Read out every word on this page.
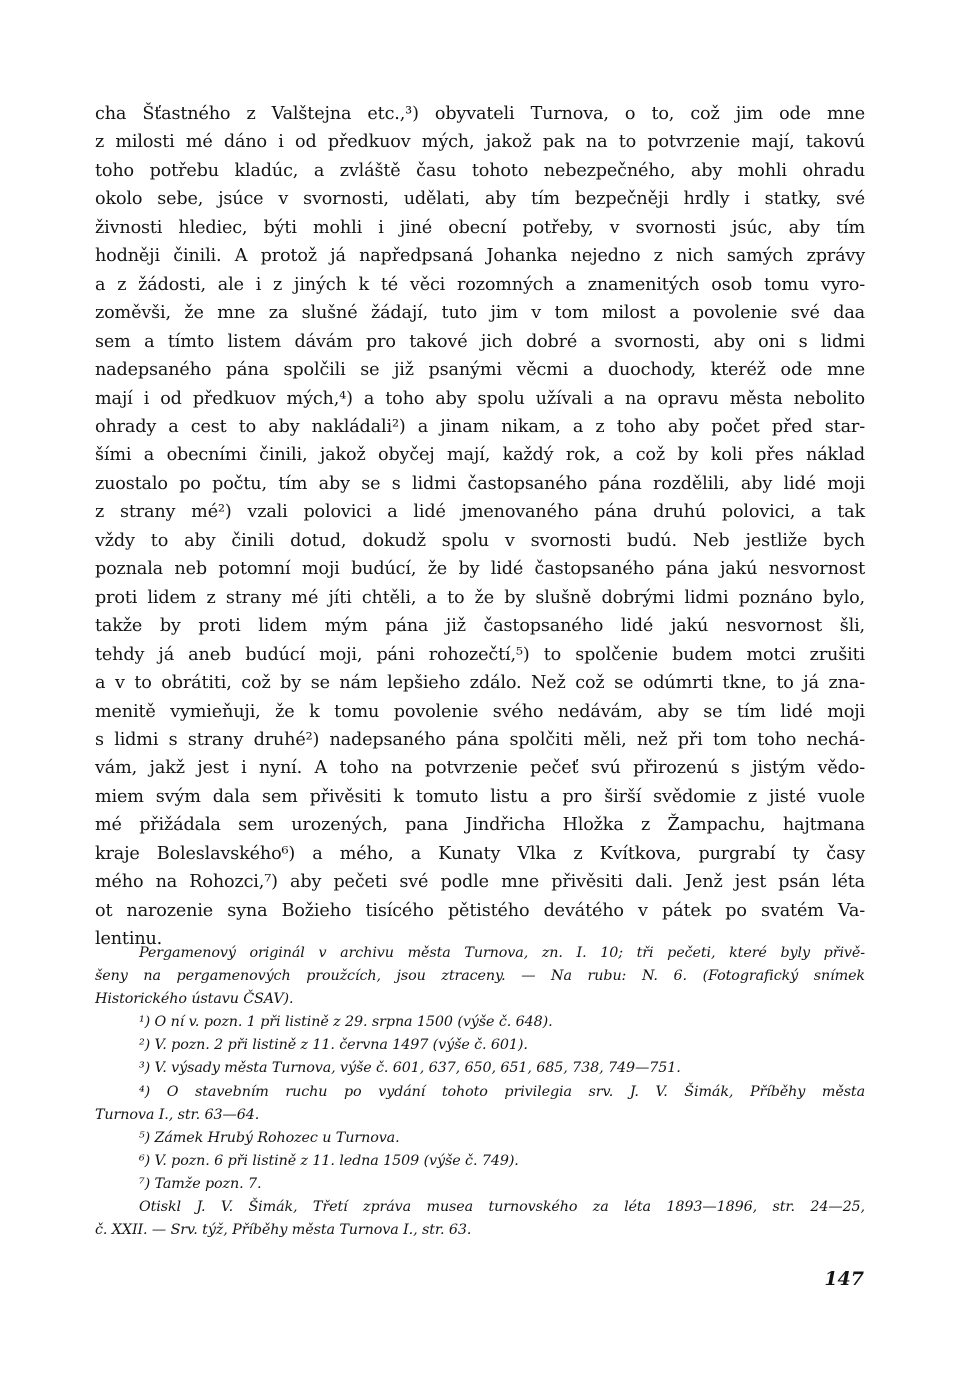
cha Šťastného z Valštejna etc.,³) obyvateli Turnova, o to, což jim ode mne
z milosti mé dáno i od předkuov mých, jakož pak na to potvrzenie mají, takovú
toho potřebu kladúc, a zvláště času tohoto nebezpečného, aby mohli ohradu
okolo sebe, jsúce v svornosti, udělati, aby tím bezpečněji hrdly i statky, své
živnosti hlediec, býti mohli i jiné obecní potřeby, v svornosti jsúc, aby tím
hodněji činili. A protož já napředpsaná Johanka nejedno z nich samých zprávy
a z žádosti, ale i z jiných k té věci rozomných a znamenitých osob tomu vyro-
zoměvši, že mne za slušné žádají, tuto jim v tom milost a povolenie své daa
sem a tímto listem dávám pro takové jich dobré a svornosti, aby oni s lidmi
nadepsaného pána spolčili se již psanými věcmi a duochody, kteréž ode mne
mají i od předkuov mých,⁴) a toho aby spolu užívali a na opravu města nebolito
ohrady a cest to aby nakládali²) a jinam nikam, a z toho aby počet před star-
šími a obecními činili, jakož obyčej mají, každý rok, a což by koli přes náklad
zuostalo po počtu, tím aby se s lidmi častopsaného pána rozdělili, aby lidé moji
z strany mé²) vzali polovici a lidé jmenovaného pána druhú polovici, a tak
vždy to aby činili dotud, dokudž spolu v svornosti budú. Neb jestliže bych
poznala neb potomní moji budúcí, že by lidé častopsaného pána jakú nesvornost
proti lidem z strany mé jíti chtěli, a to že by slušně dobrými lidmi poznáno bylo,
takže by proti lidem mým pána již častopsaného lidé jakú nesvornost šli,
tehdy já aneb budúcí moji, páni rohozečtí,⁵) to spolčenie budem motci zrušiti
a v to obrátiti, což by se nám lepšieho zdálo. Než což se odúmrti tkne, to já zna-
menitě vymieňuji, že k tomu povolenie svého nedávám, aby se tím lidé moji
s lidmi s strany druhé²) nadepsaného pána spolčiti měli, než při tom toho nechá-
vám, jakž jest i nyní. A toho na potvrzenie pečeť svú přirozenú s jistým vědo-
miem svým dala sem přivěsiti k tomuto listu a pro širší svědomie z jisté vuole
mé přižádala sem urozených, pana Jindřicha Hložka z Žampachu, hajtmana
kraje Boleslavského⁶) a mého, a Kunaty Vlka z Kvítkova, purgrabí ty časy
mého na Rohozci,⁷) aby pečeti své podle mne přivěsiti dali. Jenž jest psán léta
ot narozenie syna Božieho tisícého pětistého devátého v pátek po svatém Va-
lentinu.
Pergamenový originál v archivu města Turnova, zn. I. 10; tři pečeti, které byly přivě-
šeny na pergamenových proužcích, jsou ztraceny. — Na rubu: N. 6. (Fotografický snímek
Historického ústavu ČSAV).
¹) O ní v. pozn. 1 při listině z 29. srpna 1500 (výše č. 648).
²) V. pozn. 2 při listině z 11. června 1497 (výše č. 601).
³) V. výsady města Turnova, výše č. 601, 637, 650, 651, 685, 738, 749—751.
⁴) O stavebním ruchu po vydání tohoto privilegia srv. J. V. Šimák, Příběhy města
Turnova I., str. 63—64.
⁵) Zámek Hrubý Rohozec u Turnova.
⁶) V. pozn. 6 při listině z 11. ledna 1509 (výše č. 749).
⁷) Tamže pozn. 7.
Otiskl J. V. Šimák, Třetí zpráva musea turnovského za léta 1893—1896, str. 24—25,
č. XXII. — Srv. týž, Příběhy města Turnova I., str. 63.
147
